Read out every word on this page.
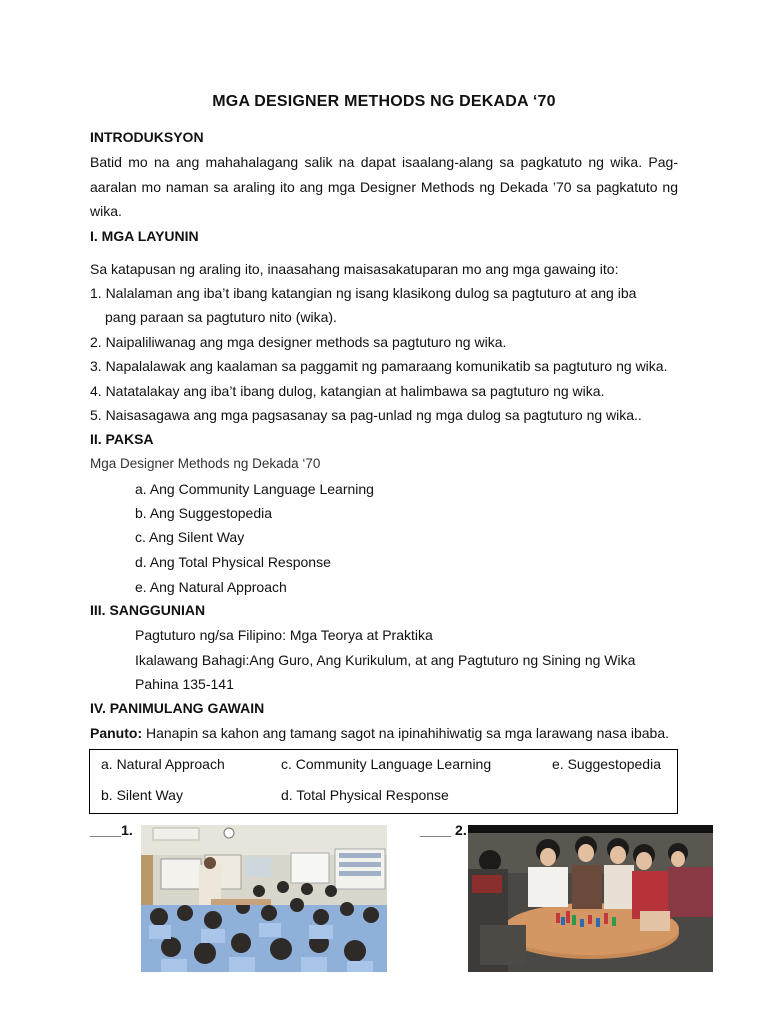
MGA DESIGNER METHODS NG DEKADA ‘70
INTRODUKSYON
Batid mo na ang mahahalagang salik na dapat isaalang-alang sa pagkatuto ng wika. Pag-
aaralan mo naman sa araling ito ang mga Designer Methods ng Dekada ’70 sa pagkatuto ng
wika.
I. MGA LAYUNIN
Sa katapusan ng araling ito, inaasahang maisasakatuparan mo ang mga gawaing ito:
1. Nalalaman ang iba’t ibang katangian ng isang klasikong dulog sa pagtuturo at ang iba
pang paraan sa pagtuturo nito (wika).
2. Naipaliliwanag ang mga designer methods sa pagtuturo ng wika.
3. Napalalawak ang kaalaman sa paggamit ng pamaraang komunikatib sa pagtuturo ng wika.
4. Natatalakay ang iba’t ibang dulog, katangian at halimbawa sa pagtuturo ng wika.
5. Naisasagawa ang mga pagsasanay sa pag-unlad ng mga dulog sa pagtuturo ng wika..
II. PAKSA
Mga Designer Methods ng Dekada ‘70
a. Ang Community Language Learning
b. Ang Suggestopedia
c. Ang Silent Way
d. Ang Total Physical Response
e. Ang Natural Approach
III. SANGGUNIAN
Pagtuturo ng/sa Filipino: Mga Teorya at Praktika
Ikalawang Bahagi:Ang Guro, Ang Kurikulum, at ang Pagtuturo ng Sining ng Wika
Pahina 135-141
IV. PANIMULANG GAWAIN
Panuto: Hanapin sa kahon ang tamang sagot na ipinahihiwatig sa mga larawang nasa ibaba.
a. Natural Approach	c. Community Language Learning	e. Suggestopedia
b. Silent Way	d. Total Physical Response
____1.	____ 2.
